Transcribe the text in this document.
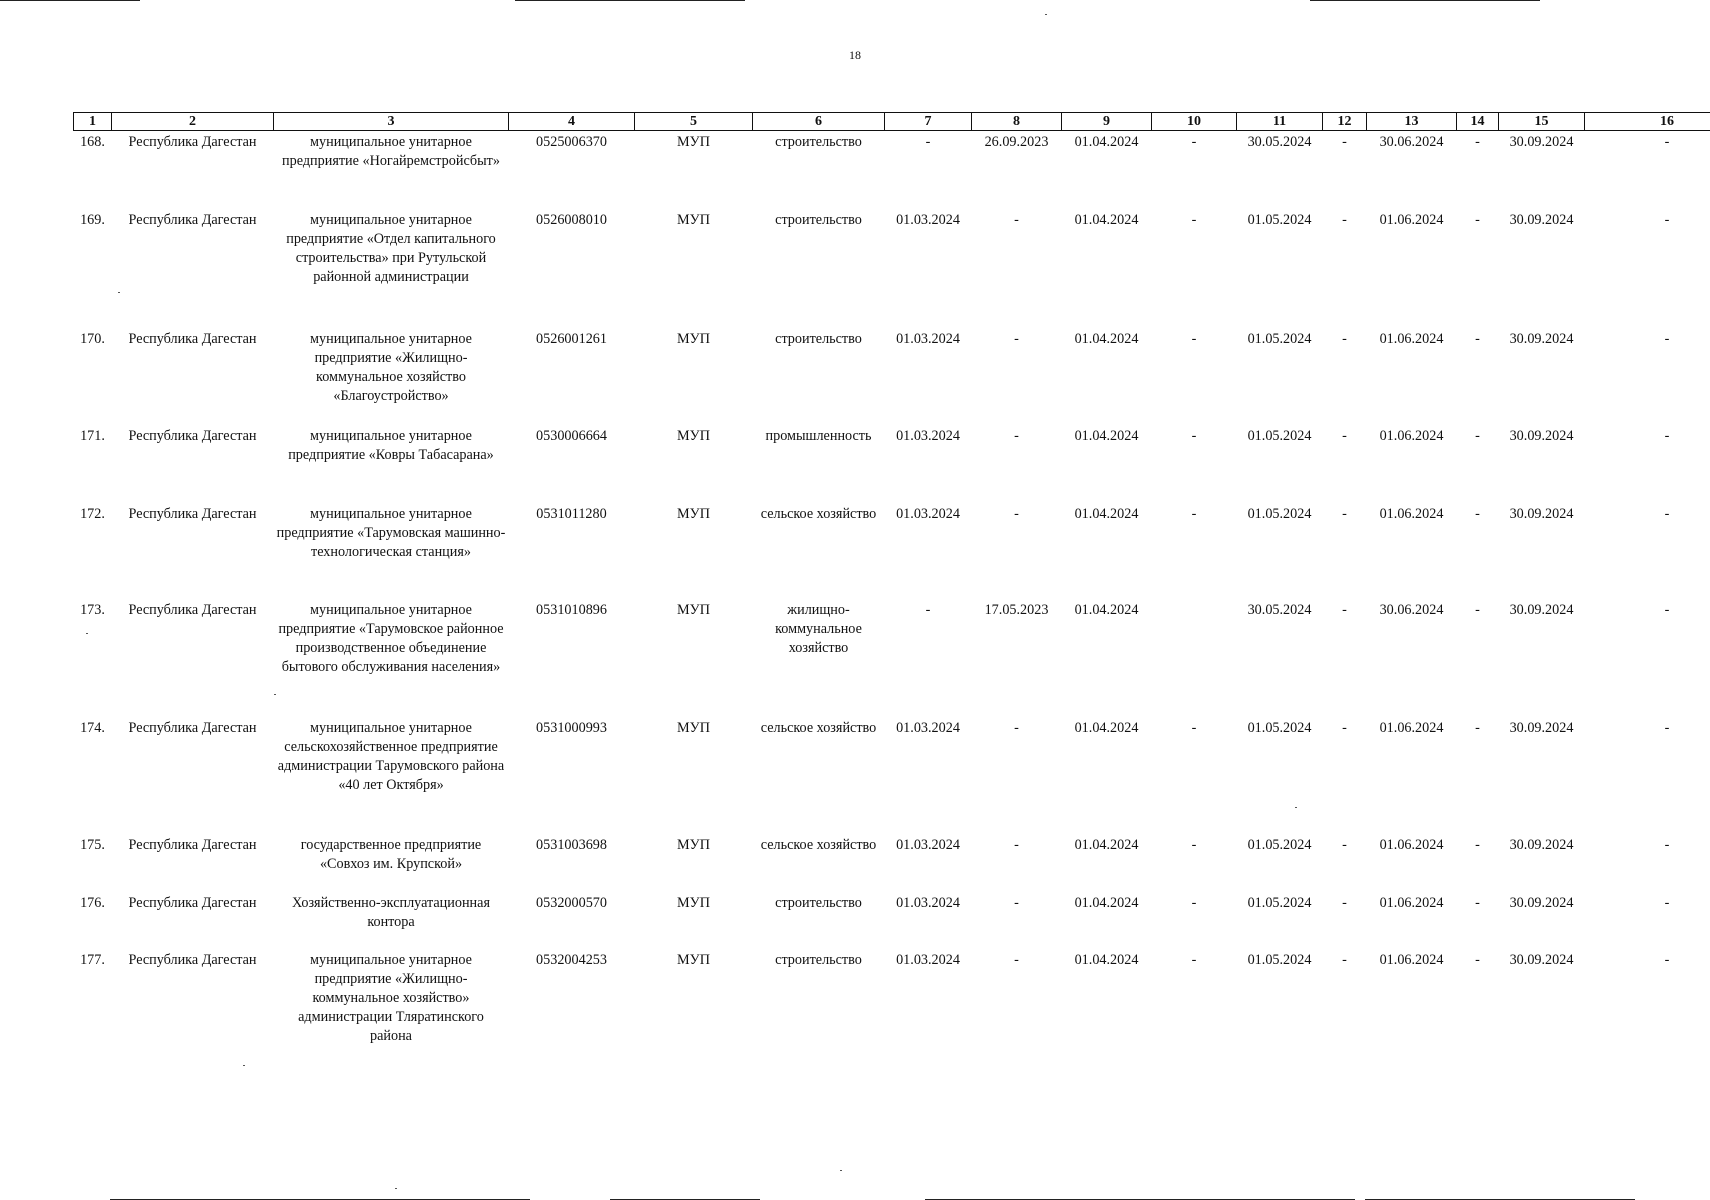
18
1	2	3	4	5	6	7	8	9	10	11	12	13	14	15	16
168.	Республика Дагестан	муниципальное унитарное предприятие «Ногайремстройсбыт»	0525006370	МУП	строительство	-	26.09.2023	01.04.2024	-	30.05.2024	-	30.06.2024	-	30.09.2024	-
169.	Республика Дагестан	муниципальное унитарное предприятие «Отдел капитального строительства» при Рутульской районной администрации	0526008010	МУП	строительство	01.03.2024	-	01.04.2024	-	01.05.2024	-	01.06.2024	-	30.09.2024	-
170.	Республика Дагестан	муниципальное унитарное предприятие «Жилищно-коммунальное хозяйство «Благоустройство»	0526001261	МУП	строительство	01.03.2024	-	01.04.2024	-	01.05.2024	-	01.06.2024	-	30.09.2024	-
171.	Республика Дагестан	муниципальное унитарное предприятие «Ковры Табасарана»	0530006664	МУП	промышленность	01.03.2024	-	01.04.2024	-	01.05.2024	-	01.06.2024	-	30.09.2024	-
172.	Республика Дагестан	муниципальное унитарное предприятие «Тарумовская машинно-технологическая станция»	0531011280	МУП	сельское хозяйство	01.03.2024	-	01.04.2024	-	01.05.2024	-	01.06.2024	-	30.09.2024	-
173.	Республика Дагестан	муниципальное унитарное предприятие «Тарумовское районное производственное объединение бытового обслуживания населения»	0531010896	МУП	жилищно-коммунальное хозяйство	-	17.05.2023	01.04.2024		30.05.2024	-	30.06.2024	-	30.09.2024	-
174.	Республика Дагестан	муниципальное унитарное сельскохозяйственное предприятие администрации Тарумовского района «40 лет Октября»	0531000993	МУП	сельское хозяйство	01.03.2024	-	01.04.2024	-	01.05.2024	-	01.06.2024	-	30.09.2024	-
175.	Республика Дагестан	государственное предприятие «Совхоз им. Крупской»	0531003698	МУП	сельское хозяйство	01.03.2024	-	01.04.2024	-	01.05.2024	-	01.06.2024	-	30.09.2024	-
176.	Республика Дагестан	Хозяйственно-эксплуатационная контора	0532000570	МУП	строительство	01.03.2024	-	01.04.2024	-	01.05.2024	-	01.06.2024	-	30.09.2024	-
177.	Республика Дагестан	муниципальное унитарное предприятие «Жилищно-коммунальное хозяйство» администрации Тляратинского района	0532004253	МУП	строительство	01.03.2024	-	01.04.2024	-	01.05.2024	-	01.06.2024	-	30.09.2024	-
